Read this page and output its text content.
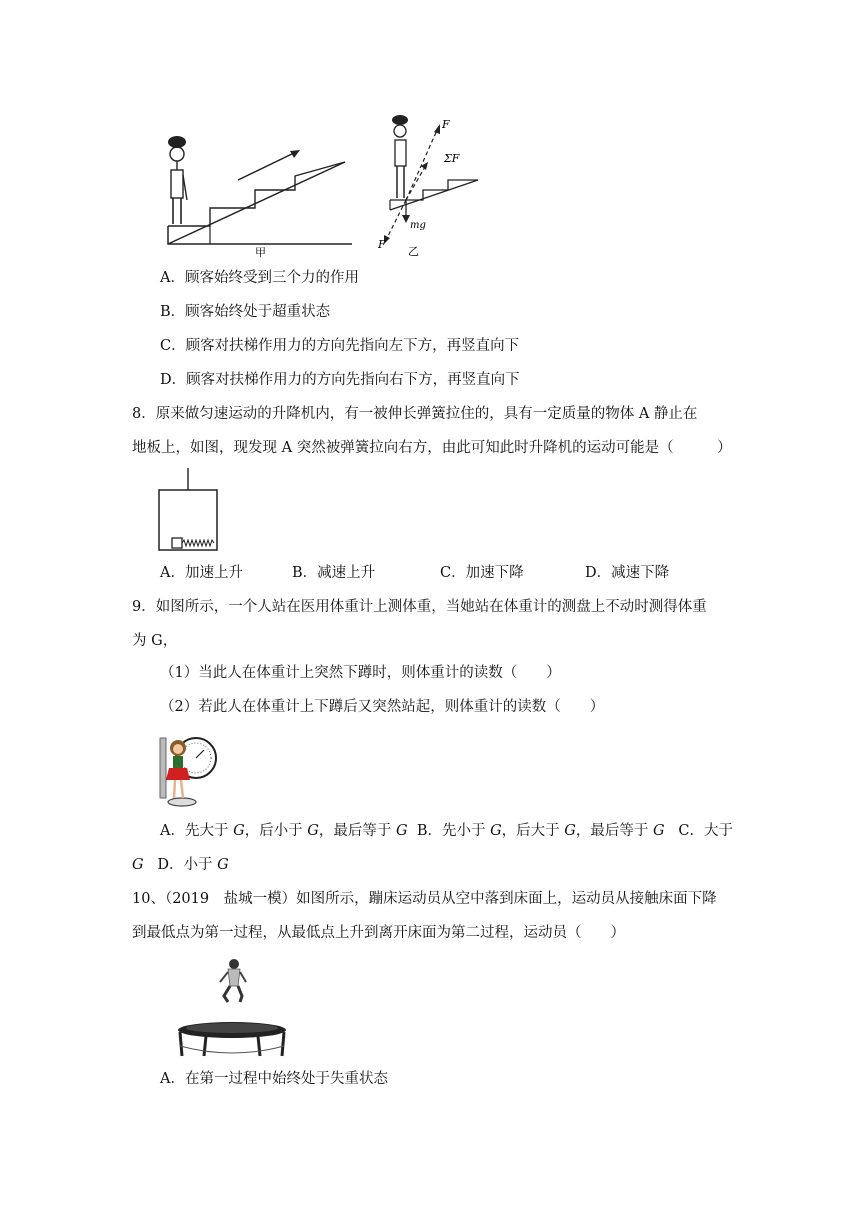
甲
F
ΣF
mg
F
乙
A．顾客始终受到三个力的作用
B．顾客始终处于超重状态
C．顾客对扶梯作用力的方向先指向左下方，再竖直向下
D．顾客对扶梯作用力的方向先指向右下方，再竖直向下
8．原来做匀速运动的升降机内，有一被伸长弹簧拉住的，具有一定质量的物体 A 静止在
地板上，如图，现发现 A 突然被弹簧拉向右方，由此可知此时升降机的运动可能是（　　　）
A．加速上升	B．减速上升	C．加速下降	D．减速下降
9．如图所示，一个人站在医用体重计上测体重，当她站在体重计的测盘上不动时测得体重
为 G，
（1）当此人在体重计上突然下蹲时，则体重计的读数（　　）
（2）若此人在体重计上下蹲后又突然站起，则体重计的读数（　　）
A．先大于 G，后小于 G，最后等于 G B．先小于 G，后大于 G，最后等于 G C．大于
G D．小于 G
10、（2019　盐城一模）如图所示，蹦床运动员从空中落到床面上，运动员从接触床面下降
到最低点为第一过程，从最低点上升到离开床面为第二过程，运动员（　　）
A．在第一过程中始终处于失重状态
